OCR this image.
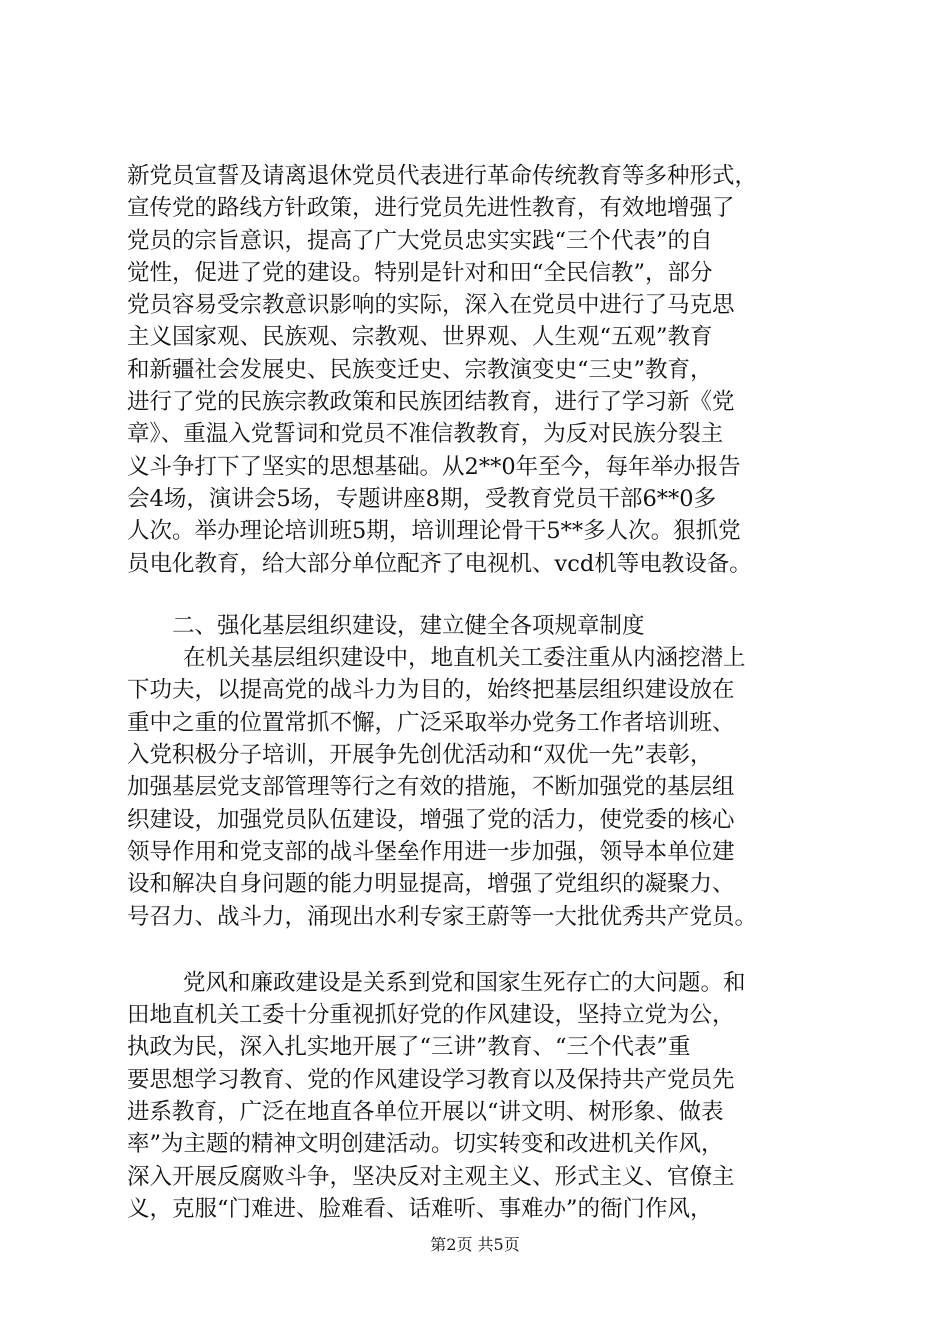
新党员宣誓及请离退休党员代表进行革命传统教育等多种形式，
宣传党的路线方针政策，进行党员先进性教育，有效地增强了
党员的宗旨意识，提高了广大党员忠实实践“三个代表”的自
觉性，促进了党的建设。特别是针对和田“全民信教”，部分
党员容易受宗教意识影响的实际，深入在党员中进行了马克思
主义国家观、民族观、宗教观、世界观、人生观“五观”教育
和新疆社会发展史、民族变迁史、宗教演变史“三史”教育，
进行了党的民族宗教政策和民族团结教育，进行了学习新《党
章》、重温入党誓词和党员不准信教教育，为反对民族分裂主
义斗争打下了坚实的思想基础。从2**0年至今，每年举办报告
会4场，演讲会5场，专题讲座8期，受教育党员干部6**0多
人次。举办理论培训班5期，培训理论骨干5**多人次。狠抓党
员电化教育，给大部分单位配齐了电视机、vcd机等电教设备。
二、强化基层组织建设，建立健全各项规章制度
在机关基层组织建设中，地直机关工委注重从内涵挖潜上
下功夫，以提高党的战斗力为目的，始终把基层组织建设放在
重中之重的位置常抓不懈，广泛采取举办党务工作者培训班、
入党积极分子培训，开展争先创优活动和“双优一先”表彰，
加强基层党支部管理等行之有效的措施，不断加强党的基层组
织建设，加强党员队伍建设，增强了党的活力，使党委的核心
领导作用和党支部的战斗堡垒作用进一步加强，领导本单位建
设和解决自身问题的能力明显提高，增强了党组织的凝聚力、
号召力、战斗力，涌现出水利专家王蔚等一大批优秀共产党员。
党风和廉政建设是关系到党和国家生死存亡的大问题。和
田地直机关工委十分重视抓好党的作风建设，坚持立党为公，
执政为民，深入扎实地开展了“三讲”教育、“三个代表”重
要思想学习教育、党的作风建设学习教育以及保持共产党员先
进系教育，广泛在地直各单位开展以“讲文明、树形象、做表
率”为主题的精神文明创建活动。切实转变和改进机关作风，
深入开展反腐败斗争，坚决反对主观主义、形式主义、官僚主
义，克服“门难进、脸难看、话难听、事难办”的衙门作风，
第2页 共5页
